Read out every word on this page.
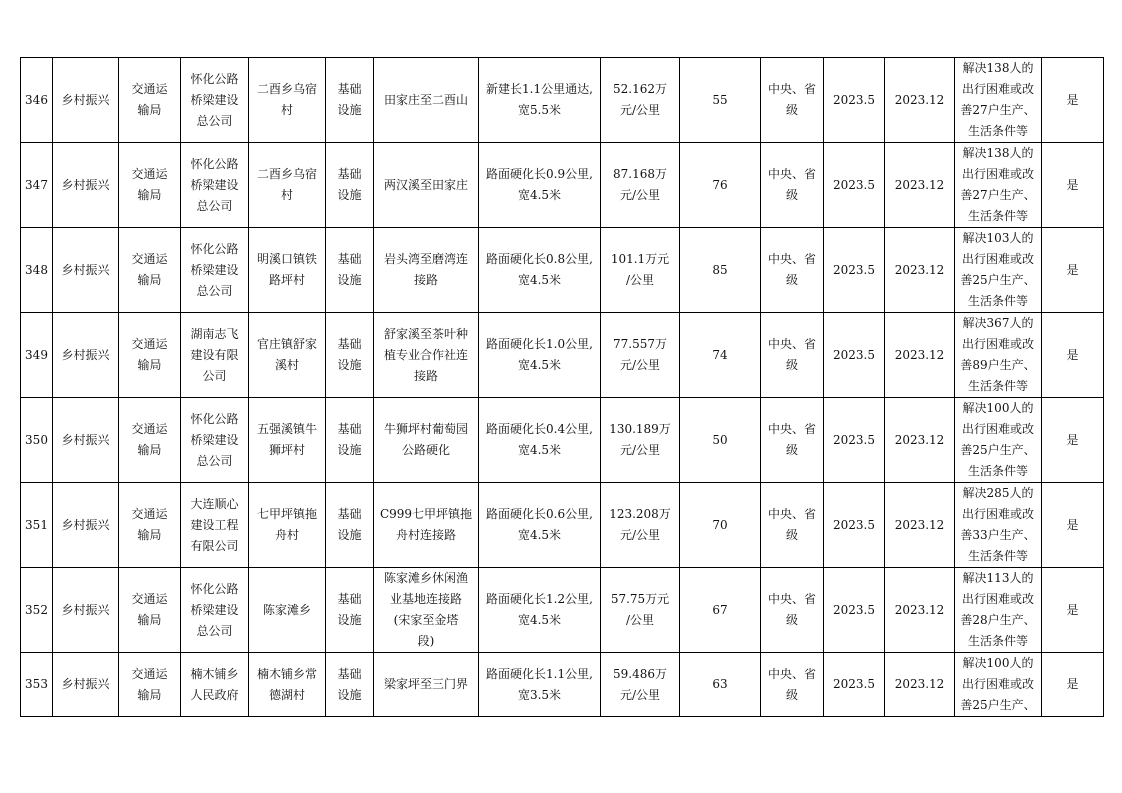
346	乡村振兴	交通运
输局	怀化公路
桥梁建设
总公司	二酉乡乌宿
村	基础
设施	田家庄至二酉山	新建长1.1公里通达,
宽5.5米	52.162万
元/公里	55	中央、省
级	2023.5	2023.12	解决138人的
出行困难或改
善27户生产、
生活条件等	是
347	乡村振兴	交通运
输局	怀化公路
桥梁建设
总公司	二酉乡乌宿
村	基础
设施	两汉溪至田家庄	路面硬化长0.9公里,
宽4.5米	87.168万
元/公里	76	中央、省
级	2023.5	2023.12	解决138人的
出行困难或改
善27户生产、
生活条件等	是
348	乡村振兴	交通运
输局	怀化公路
桥梁建设
总公司	明溪口镇铁
路坪村	基础
设施	岩头湾至磨湾连
接路	路面硬化长0.8公里,
宽4.5米	101.1万元
/公里	85	中央、省
级	2023.5	2023.12	解决103人的
出行困难或改
善25户生产、
生活条件等	是
349	乡村振兴	交通运
输局	湖南志飞
建设有限
公司	官庄镇舒家
溪村	基础
设施	舒家溪至茶叶种
植专业合作社连
接路	路面硬化长1.0公里,
宽4.5米	77.557万
元/公里	74	中央、省
级	2023.5	2023.12	解决367人的
出行困难或改
善89户生产、
生活条件等	是
350	乡村振兴	交通运
输局	怀化公路
桥梁建设
总公司	五强溪镇牛
狮坪村	基础
设施	牛狮坪村葡萄园
公路硬化	路面硬化长0.4公里,
宽4.5米	130.189万
元/公里	50	中央、省
级	2023.5	2023.12	解决100人的
出行困难或改
善25户生产、
生活条件等	是
351	乡村振兴	交通运
输局	大连顺心
建设工程
有限公司	七甲坪镇拖
舟村	基础
设施	C999七甲坪镇拖
舟村连接路	路面硬化长0.6公里,
宽4.5米	123.208万
元/公里	70	中央、省
级	2023.5	2023.12	解决285人的
出行困难或改
善33户生产、
生活条件等	是
352	乡村振兴	交通运
输局	怀化公路
桥梁建设
总公司	陈家滩乡	基础
设施	陈家滩乡休闲渔
业基地连接路
(宋家至金塔
段)	路面硬化长1.2公里,
宽4.5米	57.75万元
/公里	67	中央、省
级	2023.5	2023.12	解决113人的
出行困难或改
善28户生产、
生活条件等	是
353	乡村振兴	交通运
输局	楠木铺乡
人民政府	楠木铺乡常
德湖村	基础
设施	梁家坪至三门界	路面硬化长1.1公里,
宽3.5米	59.486万
元/公里	63	中央、省
级	2023.5	2023.12	解决100人的
出行困难或改
善25户生产、	是
